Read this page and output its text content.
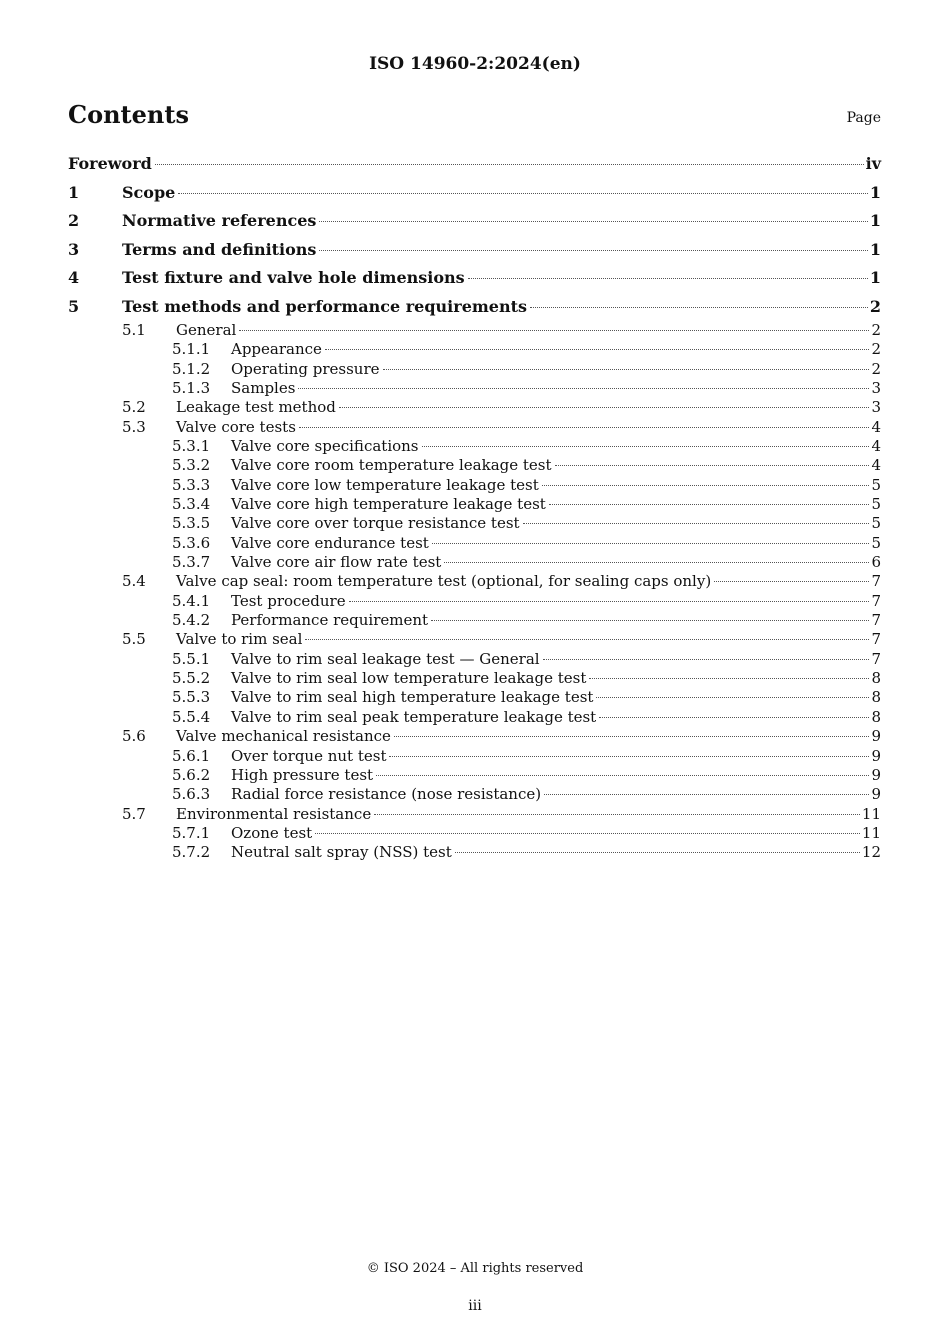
ISO 14960-2:2024(en)
Contents	Page
Foreword	iv
1	Scope	1
2	Normative references	1
3	Terms and definitions	1
4	Test fixture and valve hole dimensions	1
5	Test methods and performance requirements	2
5.1	General	2
5.1.1	Appearance	2
5.1.2	Operating pressure	2
5.1.3	Samples	3
5.2	Leakage test method	3
5.3	Valve core tests	4
5.3.1	Valve core specifications	4
5.3.2	Valve core room temperature leakage test	4
5.3.3	Valve core low temperature leakage test	5
5.3.4	Valve core high temperature leakage test	5
5.3.5	Valve core over torque resistance test	5
5.3.6	Valve core endurance test	5
5.3.7	Valve core air flow rate test	6
5.4	Valve cap seal: room temperature test (optional, for sealing caps only)	7
5.4.1	Test procedure	7
5.4.2	Performance requirement	7
5.5	Valve to rim seal	7
5.5.1	Valve to rim seal leakage test — General	7
5.5.2	Valve to rim seal low temperature leakage test	8
5.5.3	Valve to rim seal high temperature leakage test	8
5.5.4	Valve to rim seal peak temperature leakage test	8
5.6	Valve mechanical resistance	9
5.6.1	Over torque nut test	9
5.6.2	High pressure test	9
5.6.3	Radial force resistance (nose resistance)	9
5.7	Environmental resistance	11
5.7.1	Ozone test	11
5.7.2	Neutral salt spray (NSS) test	12
© ISO 2024 – All rights reserved
iii
